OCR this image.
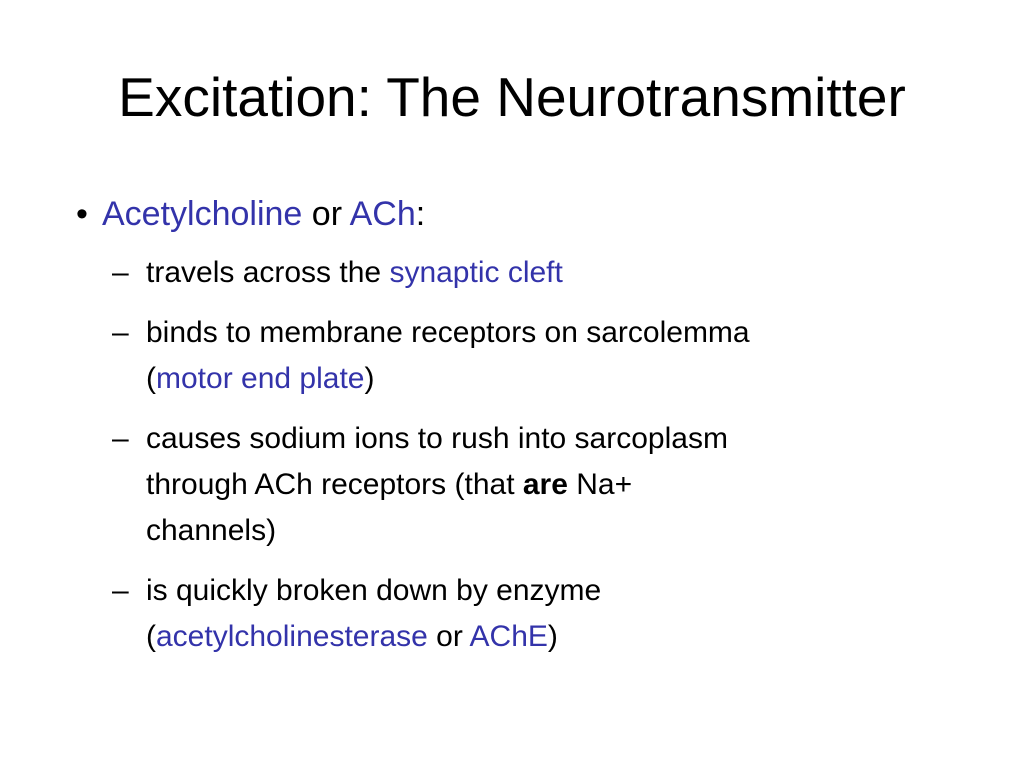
Excitation: The Neurotransmitter
• Acetylcholine or ACh:
– travels across the synaptic cleft
– binds to membrane receptors on sarcolemma
(motor end plate)
– causes sodium ions to rush into sarcoplasm
through ACh receptors (that are Na+
channels)
– is quickly broken down by enzyme
(acetylcholinesterase or AChE)
